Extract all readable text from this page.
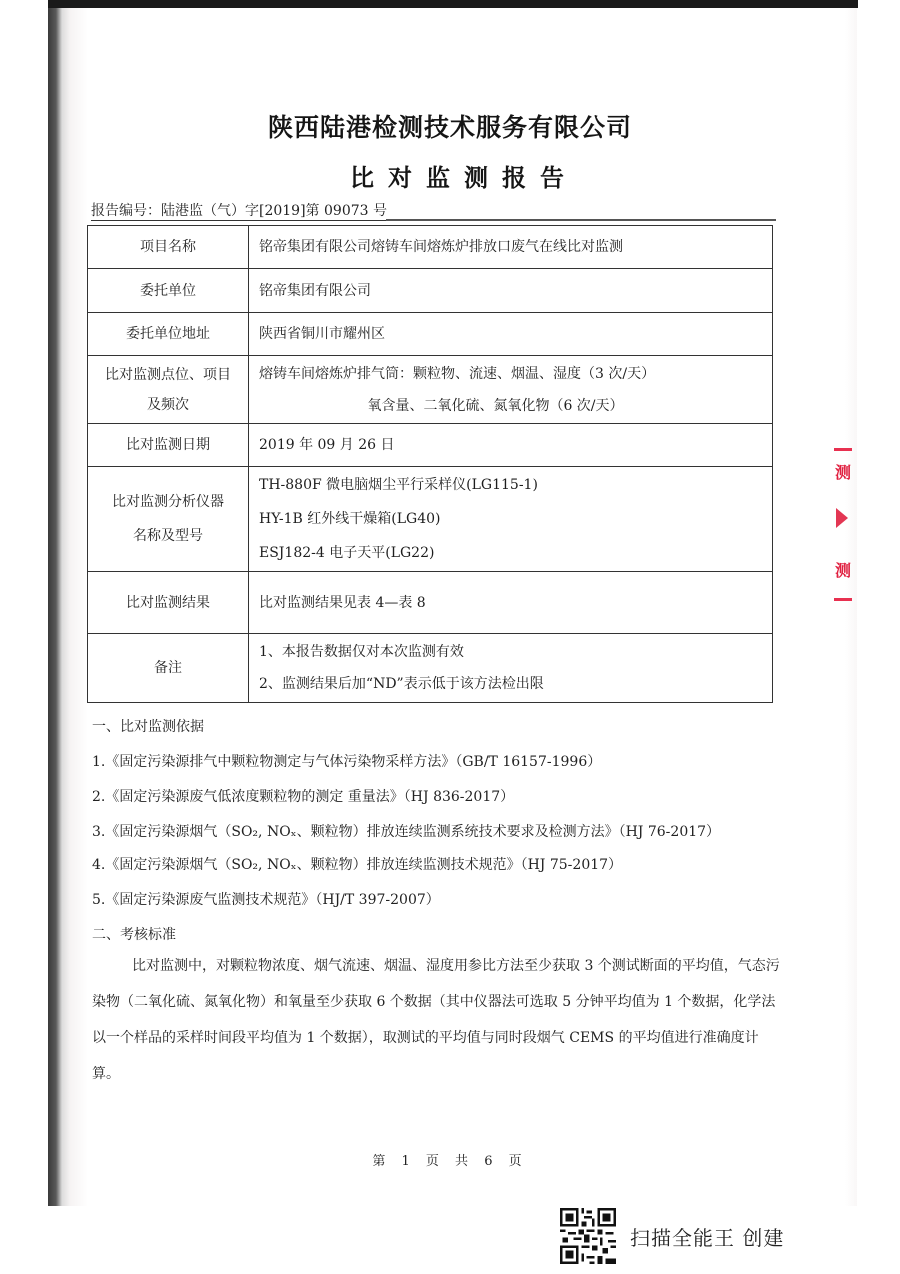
陕西陆港检测技术服务有限公司
比对监测报告
报告编号：陆港监（气）字[2019]第 09073 号
项目名称	铭帝集团有限公司熔铸车间熔炼炉排放口废气在线比对监测
委托单位	铭帝集团有限公司
委托单位地址	陕西省铜川市耀州区

比对监测点位、项目
及频次	熔铸车间熔炼炉排气筒：颗粒物、流速、烟温、湿度（3 次/天）
氧含量、二氧化硫、氮氧化物（6 次/天）

比对监测日期	2019 年 09 月 26 日

比对监测分析仪器
名称及型号	TH-880F 微电脑烟尘平行采样仪(LG115-1)
HY-1B 红外线干燥箱(LG40)
ESJ182-4 电子天平(LG22)

比对监测结果	比对监测结果见表 4—表 8
备注	1、本报告数据仅对本次监测有效
2、监测结果后加“ND”表示低于该方法检出限
一、比对监测依据
1.《固定污染源排气中颗粒物测定与气体污染物采样方法》（GB/T 16157-1996）
2.《固定污染源废气低浓度颗粒物的测定 重量法》（HJ 836-2017）
3.《固定污染源烟气（SO₂, NOₓ、颗粒物）排放连续监测系统技术要求及检测方法》（HJ 76-2017）
4.《固定污染源烟气（SO₂, NOₓ、颗粒物）排放连续监测技术规范》（HJ 75-2017）
5.《固定污染源废气监测技术规范》（HJ/T 397-2007）
二、考核标准
比对监测中，对颗粒物浓度、烟气流速、烟温、湿度用参比方法至少获取 3 个测试断面的平均值，气态污染物（二氧化硫、氮氧化物）和氧量至少获取 6 个数据（其中仪器法可选取 5 分钟平均值为 1 个数据，化学法以一个样品的采样时间段平均值为 1 个数据），取测试的平均值与同时段烟气 CEMS 的平均值进行准确度计算。
第 1 页 共 6 页
测
测
扫描全能王 创建
